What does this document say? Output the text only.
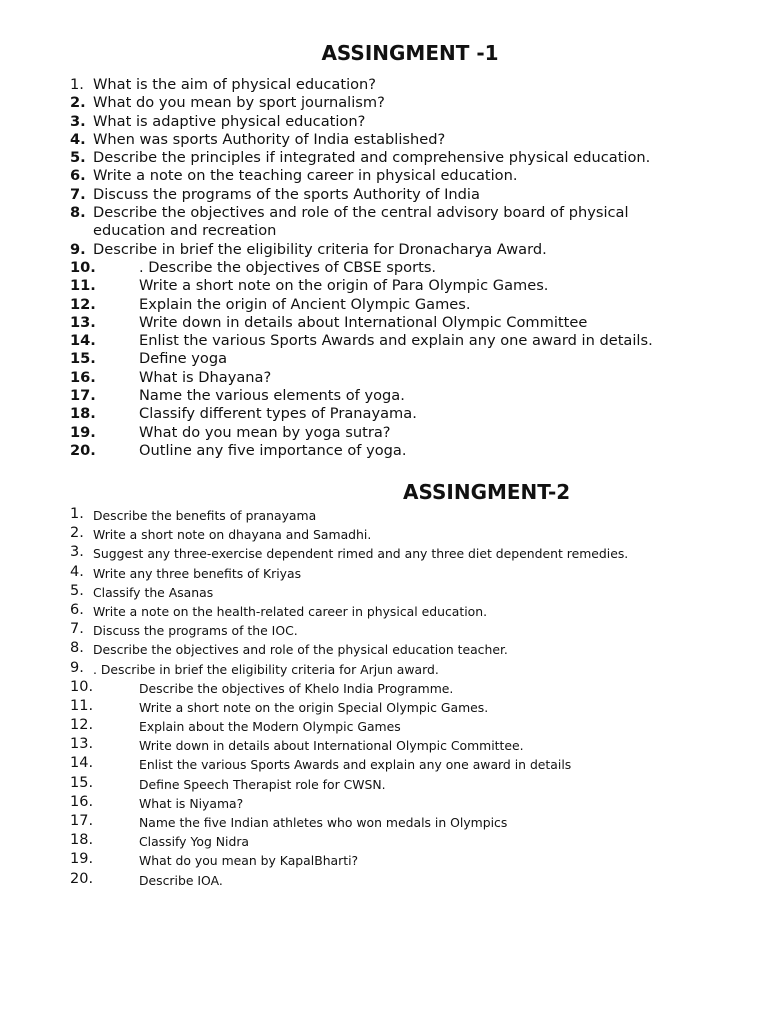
ASSINGMENT -1
1. What is the aim of physical education?

2. What do you mean by sport journalism?

3. What is adaptive physical education?

4. When was sports Authority of India established?

5. Describe the principles if integrated and comprehensive physical education.

6. Write a note on the teaching career in physical education.

7. Discuss the programs of the sports Authority of India

8. Describe the objectives and role of the central advisory board of physical education and recreation

9. Describe in brief the eligibility criteria for Dronacharya Award.

10.	. Describe the objectives of CBSE sports.

11.	Write a short note on the origin of Para Olympic Games.

12.	Explain the origin of Ancient Olympic Games.

13.	Write down in details about International Olympic Committee

14.	Enlist the various Sports Awards and explain any one award in details.

15.	Define yoga

16.	What is Dhayana?

17.	Name the various elements of yoga.

18.	Classify different types of Pranayama.

19.	What do you mean by yoga sutra?

20.	Outline any five importance of yoga.

ASSINGMENT-2
1. Describe the benefits of pranayama
2. Write a short note on dhayana and Samadhi.
3. Suggest any three-exercise dependent rimed and any three diet dependent remedies.
4. Write any three benefits of Kriyas
5. Classify the Asanas
6. Write a note on the health-related career in physical education.
7. Discuss the programs of the IOC.
8. Describe the objectives and role of the physical education teacher.
9. . Describe in brief the eligibility criteria for Arjun award.
10.	Describe the objectives of Khelo India Programme.
11.	Write a short note on the origin Special Olympic Games.
12.	Explain about the Modern Olympic Games
13.	Write down in details about International Olympic Committee.
14.	Enlist the various Sports Awards and explain any one award in details
15.	Define Speech Therapist role for CWSN.
16.	What is Niyama?
17.	Name the five Indian athletes who won medals in Olympics
18.	Classify Yog Nidra
19.	What do you mean by KapalBharti?
20.	Describe IOA.
